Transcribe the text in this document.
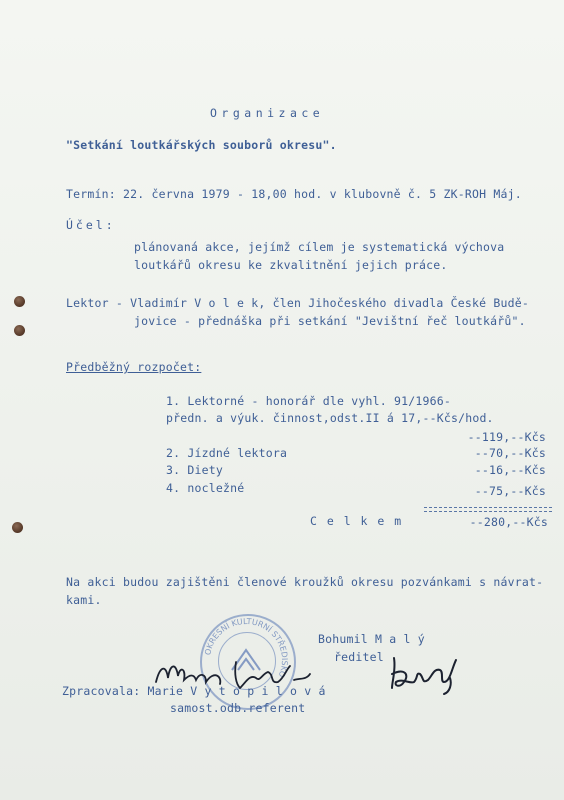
Organizace
"Setkání loutkářských souborů okresu".
Termín: 22. června 1979 - 18,00 hod. v klubovně č. 5 ZK-ROH Máj.
Účel:
plánovaná akce, jejímž cílem je systematická výchova
loutkářů okresu ke zkvalitnění jejich práce.
Lektor - Vladimír V o l e k, člen Jihočeského divadla České Budě-
jovice - přednáška při setkání "Jevištní řeč loutkářů".
Předběžný rozpočet:
1. Lektorné - honorář dle vyhl. 91/1966-
předn. a výuk. činnost,odst.II á 17,--Kčs/hod.
--119,--Kčs
2. Jízdné lektora	--70,--Kčs
3. Diety	--16,--Kčs
4. nocležné	--75,--Kčs
C e l k e m	--280,--Kčs
Na akci budou zajištěni členové kroužků okresu pozvánkami s návrat-
kami.
OKRESNÍ KULTURNÍ STŘEDISKO
Bohumil M a l ý
ředitel
Zpracovala: Marie V y t o p i l o v á
samost.odb.referent
